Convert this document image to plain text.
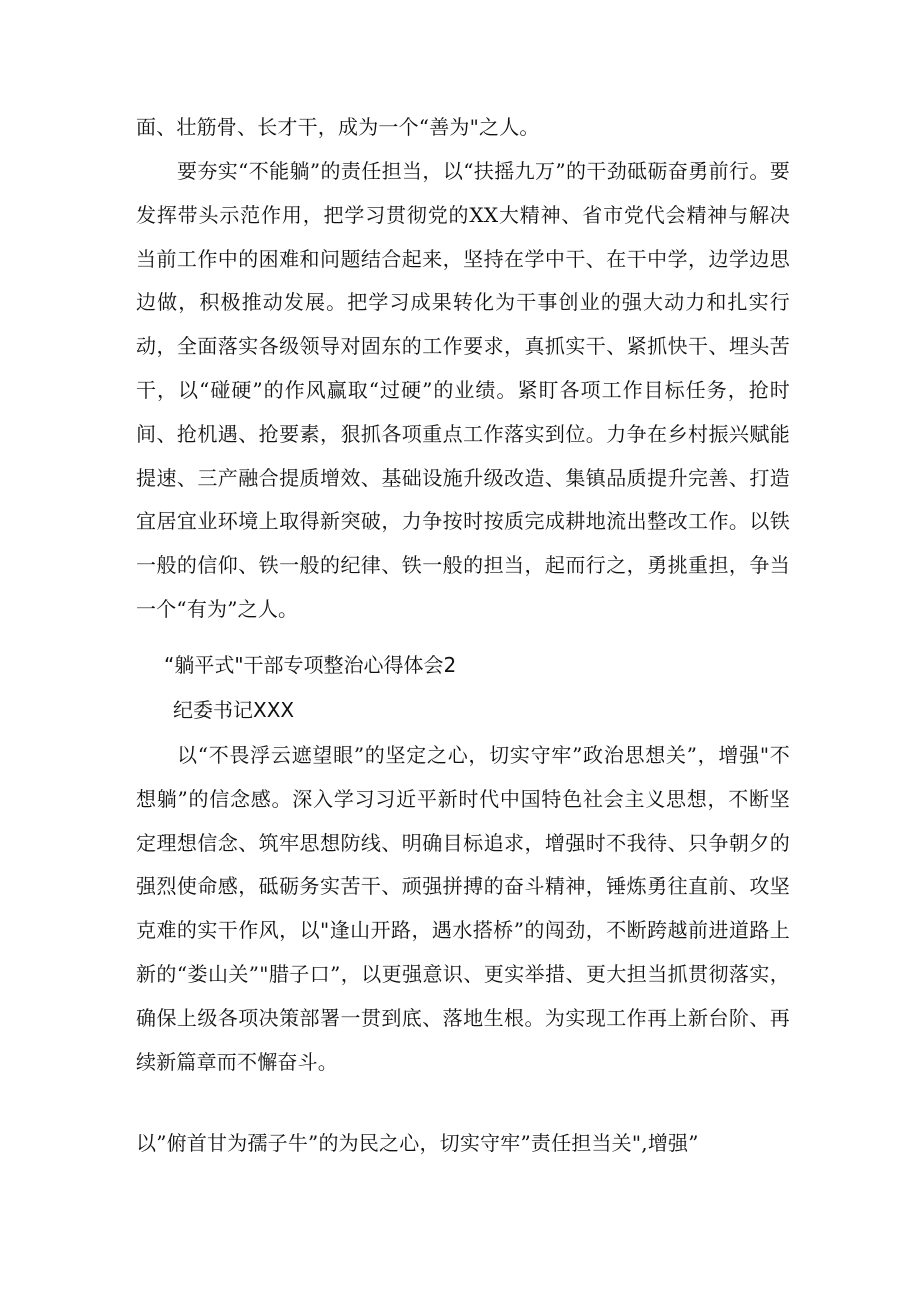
面、壮筋骨、长才干，成为一个“善为"之人。

要夯实“不能躺”的责任担当，以“扶摇九万”的干劲砥砺奋勇前行。要发挥带头示范作用，把学习贯彻党的XX大精神、省市党代会精神与解决当前工作中的困难和问题结合起来，坚持在学中干、在干中学，边学边思边做，积极推动发展。把学习成果转化为干事创业的强大动力和扎实行动，全面落实各级领导对固东的工作要求，真抓实干、紧抓快干、埋头苦干，以“碰硬”的作风赢取“过硬”的业绩。紧盯各项工作目标任务，抢时间、抢机遇、抢要素，狠抓各项重点工作落实到位。力争在乡村振兴赋能提速、三产融合提质增效、基础设施升级改造、集镇品质提升完善、打造宜居宜业环境上取得新突破，力争按时按质完成耕地流出整改工作。以铁一般的信仰、铁一般的纪律、铁一般的担当，起而行之，勇挑重担，争当一个“有为”之人。

“躺平式"干部专项整治心得体会2

纪委书记XXX

以“不畏浮云遮望眼”的坚定之心，切实守牢”政治思想关”，增强"不想躺”的信念感。深入学习习近平新时代中国特色社会主义思想，不断坚定理想信念、筑牢思想防线、明确目标追求，增强时不我待、只争朝夕的强烈使命感，砥砺务实苦干、顽强拼搏的奋斗精神，锤炼勇往直前、攻坚克难的实干作风，以"逢山开路，遇水搭桥”的闯劲，不断跨越前进道路上新的“娄山关”"腊子口”，以更强意识、更实举措、更大担当抓贯彻落实，确保上级各项决策部署一贯到底、落地生根。为实现工作再上新台阶、再续新篇章而不懈奋斗。

以”俯首甘为孺子牛”的为民之心，切实守牢”责任担当关",增强”
